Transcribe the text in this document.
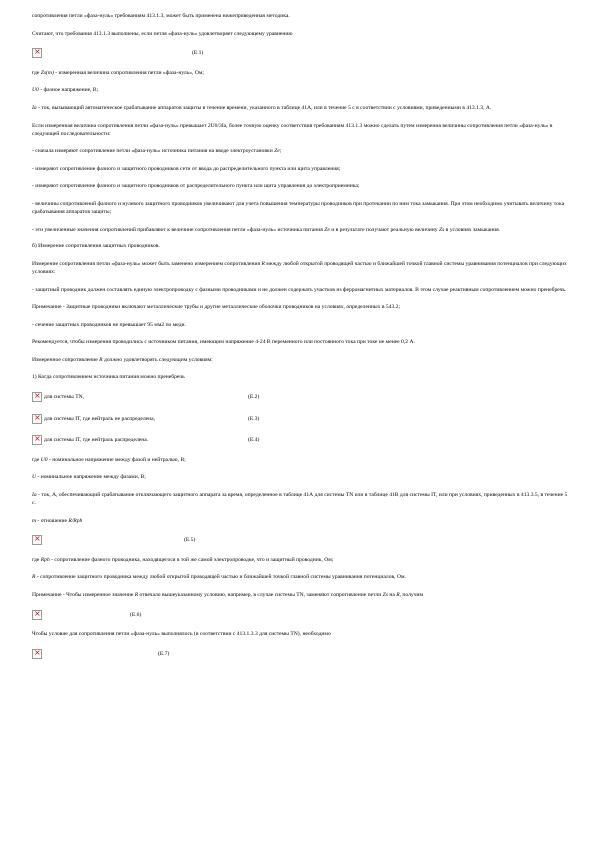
сопротивления петли «фаза-нуль» требованиям 413.1.3, может быть применена нижеприведенная методика.
Считают, что требования 413.1.3 выполнены, если петля «фаза-нуль» удовлетворяет следующему уравнению
×
(E.1)
где Zs(m) - измеренная величина сопротивления петли «фаза-нуль», Ом;
U0 - фазное напряжение, В;
Ia - ток, вызывающий автоматическое срабатывание аппаратов защиты в течение времени, указанного в таблице 41А, или в течение 5 с в соответствии с условиями, приведенными в 413.1.3, А.
Если измеренная величина сопротивления петли «фаза-нуль» превышает 2U0/3Ia, более точную оценку соответствия требованиям 413.1.3 можно сделать путем измерения величины сопротивления петли «фаза-нуль» в следующей последовательности:
- сначала измеряют сопротивление петли «фаза-нуль» источника питания на вводе электроустановки Ze;
- измеряют сопротивление фазного и защитного проводников сети от ввода до распределительного пункта или щита управления;
- измеряют сопротивление фазного и защитного проводников от распределительного пункта или щита управления до электроприемника;
- величины сопротивлений фазного и нулевого защитного проводников увеличивают для учета повышения температуры проводников при протекании по ним тока замыкания. При этом необходимо учитывать величину тока срабатывания аппаратов защиты;
- эти увеличенные значения сопротивлений прибавляют к величине сопротивления петли «фаза-нуль» источника питания Ze и в результате получают реальную величину Zs в условиях замыкания.
б) Измерение сопротивления защитных проводников.
Измерение сопротивления петли «фаза-нуль» может быть заменено измерением сопротивления R между любой открытой проводящей частью и ближайшей точкой главной системы уравнивания потенциалов при следующих условиях:
- защитный проводник должен составлять единую электропроводку с фазными проводниками и не должен содержать участков из ферромагнитных материалов. В этом случае реактивным сопротивлением можно пренебречь.
Примечание - Защитные проводники включают металлические трубы и другие металлические оболочки проводников на условиях, определенных в 543.2;
- сечение защитных проводников не превышает 95 мм2 по меди.
Рекомендуется, чтобы измерения проводились с источником питания, имеющим напряжение 4-24 В переменного или постоянного тока при токе не менее 0,2 А.
Измеренное сопротивление R должно удовлетворять следующим условиям:
1) Когда сопротивлением источника питания можно пренебречь
×
для системы TN,	(E.2)
×
для системы IT, где нейтраль не распределена,	(E.3)
×
для системы IT, где нейтраль распределена.	(E.4)
где U0 - номинальное напряжение между фазой и нейтралью, В;
U - номинальное напряжение между фазами, В;
Ia - ток, А, обеспечивающий срабатывание отключающего защитного аппарата за время, определенное в таблице 41А для системы TN или в таблице 41В для системы IT, или при условиях, приведенных в 413.3.5, в течение 5 с.
m - отношение R/Rph
×
(E.5)
где Rph - сопротивление фазного проводника, находящегося в той же самой электропроводке, что и защитный проводник, Ом;
R - сопротивление защитного проводника между любой открытой проводящей частью и ближайшей точкой главной системы уравнивания потенциалов, Ом.
Примечание - Чтобы измеренное значение R отвечало вышеуказанному условию, например, в случае системы TN, заменяют сопротивление петли Zs на R, получим
×
(E.6)
Чтобы условие для сопротивления петли «фаза-нуль» выполнялось (в соответствии с 413.1.3.3 для системы TN), необходимо
×
(E.7)
